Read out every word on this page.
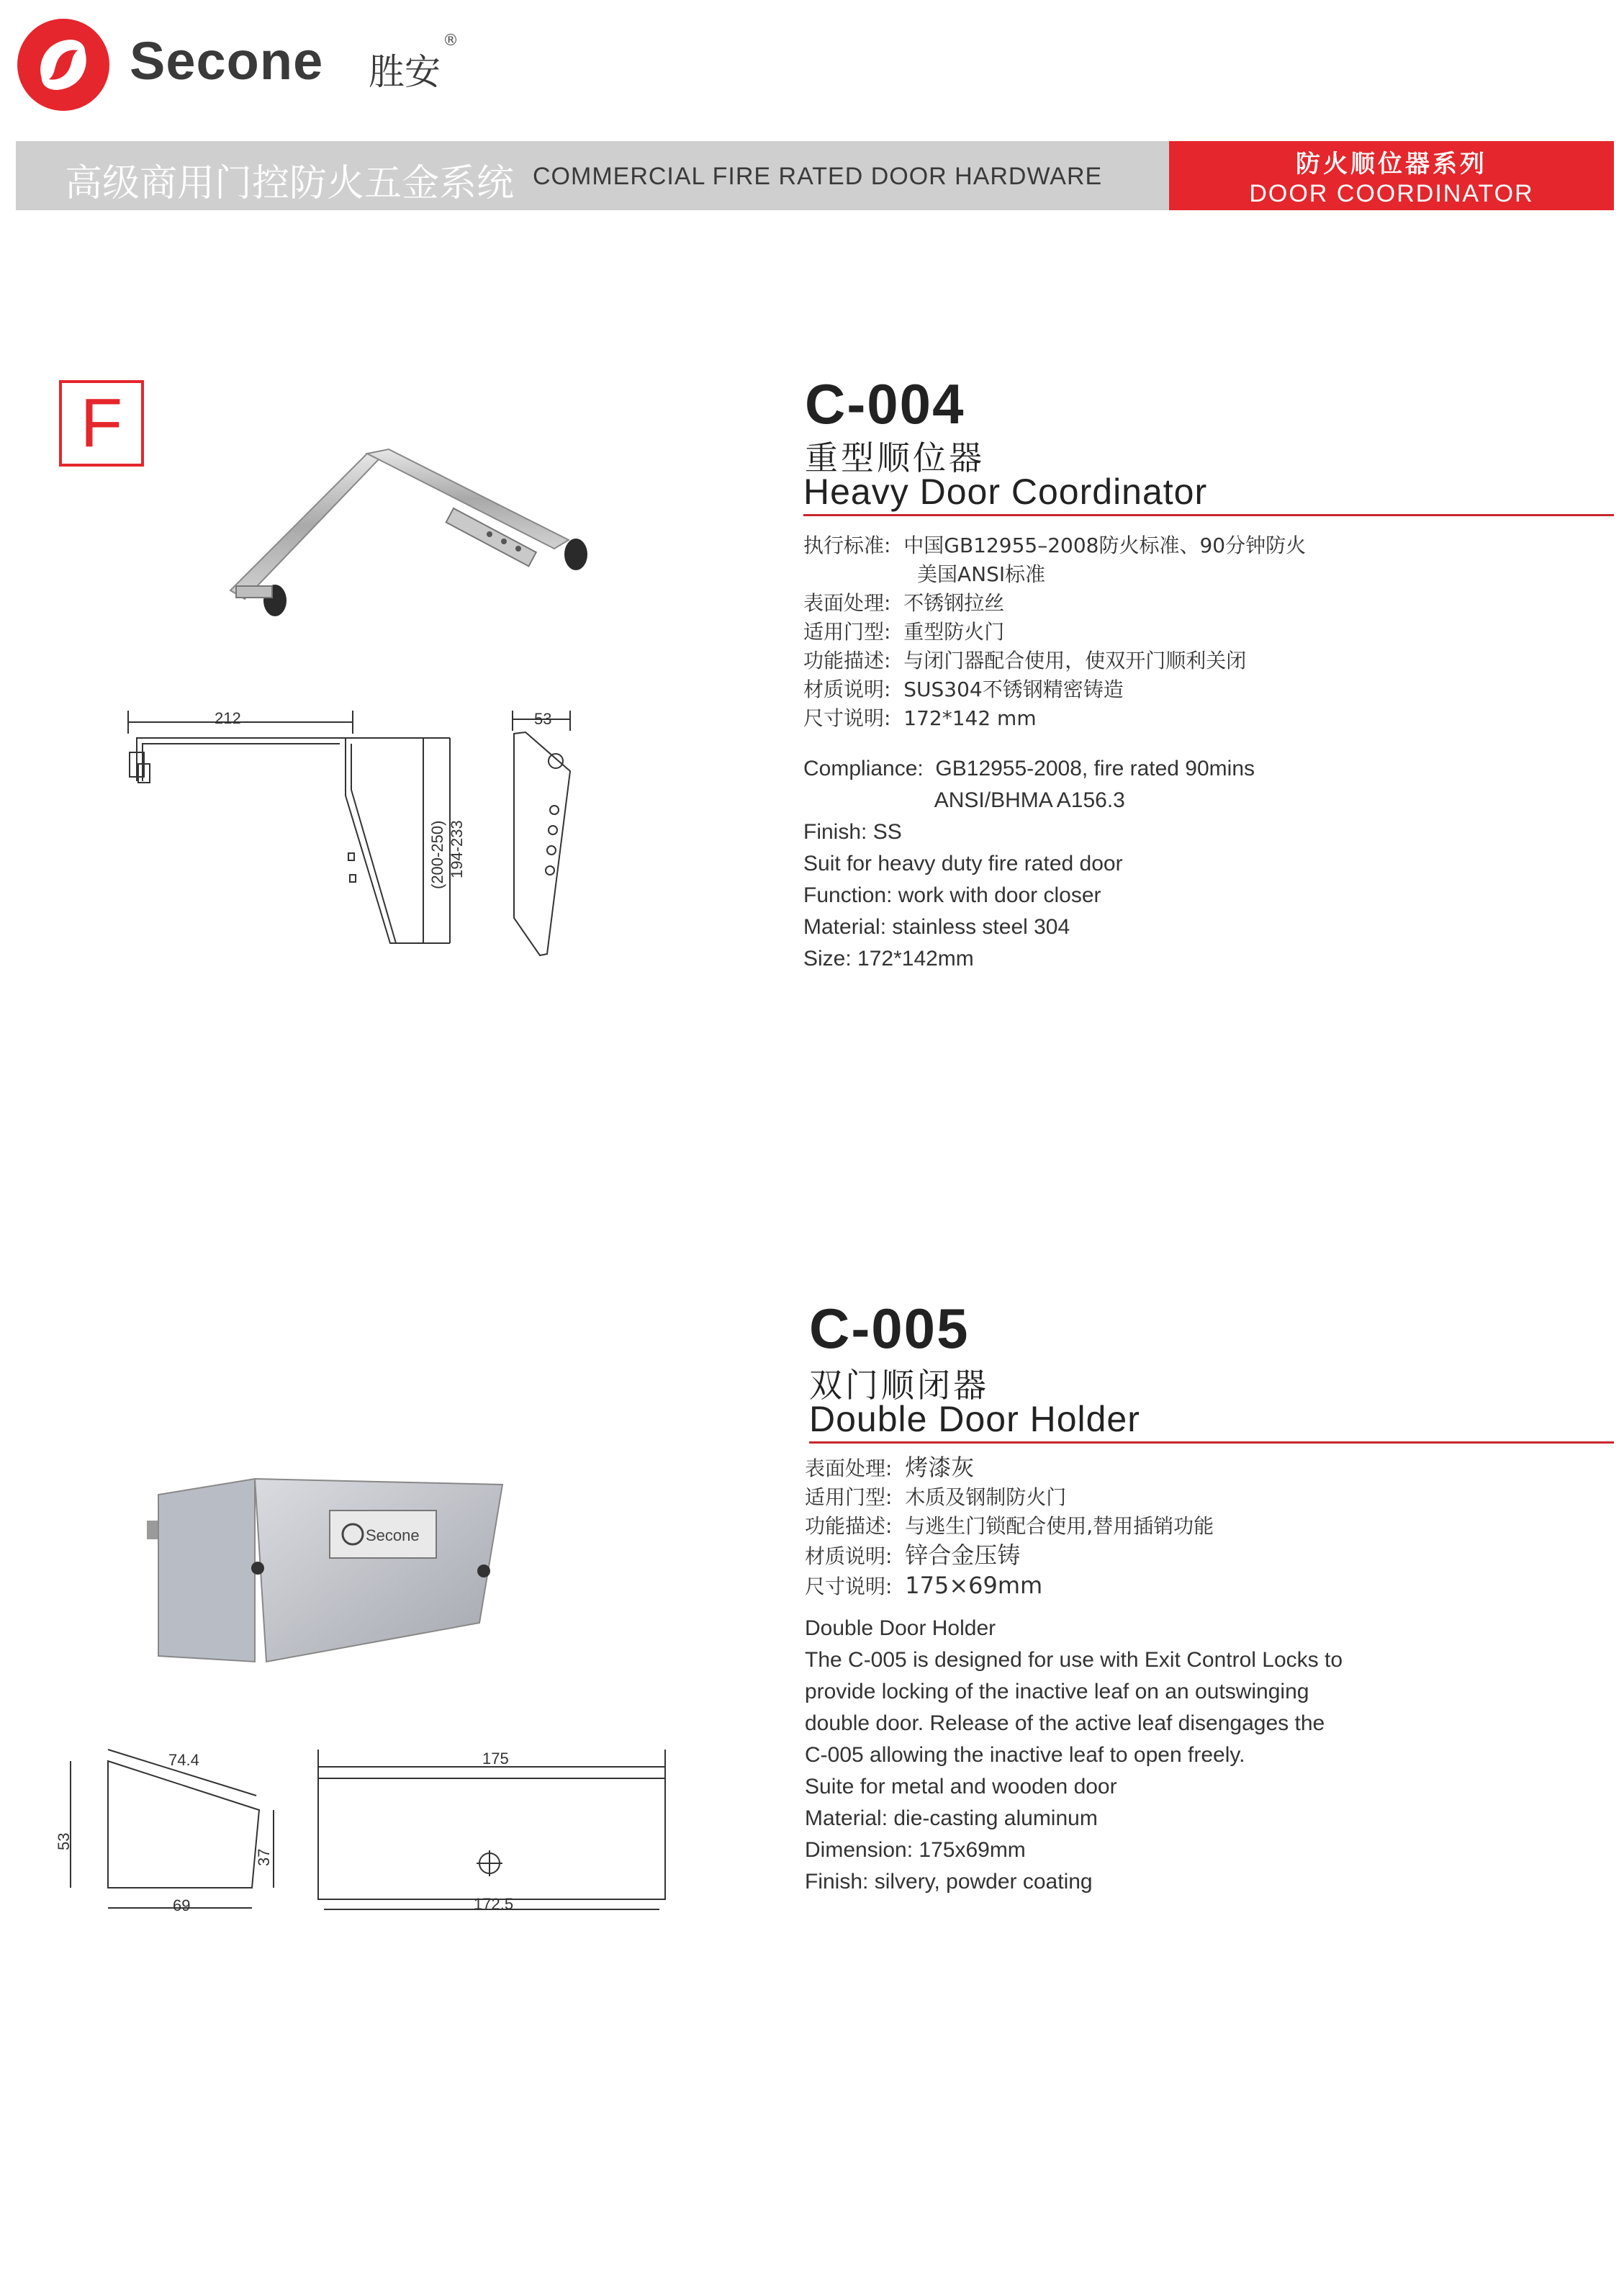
Secone 胜安
®
高级商用门控防火五金系统 COMMERCIAL FIRE RATED DOOR HARDWARE	防火顺位器系列
DOOR COORDINATOR
F
212	53
(200-250) 194-233
C-004
重型顺位器
Heavy Door Coordinator
执行标准: 中国GB12955–2008防火标准、90分钟防火
美国ANSI标准
表面处理: 不锈钢拉丝
适用门型: 重型防火门
功能描述: 与闭门器配合使用，使双开门顺利关闭
材质说明: SUS304不锈钢精密铸造
尺寸说明: 172*142 mm
Compliance:  GB12955-2008, fire rated 90mins
ANSI/BHMA A156.3
Finish: SS
Suit for heavy duty fire rated door
Function: work with door closer
Material: stainless steel 304
Size: 172*142mm
Secone
74.4
53
37
69
175
172.5
C-005
双门顺闭器
Double Door Holder
表面处理: 烤漆灰
适用门型: 木质及钢制防火门
功能描述: 与逃生门锁配合使用,替用插销功能
材质说明: 锌合金压铸
尺寸说明: 175×69mm
Double Door Holder
The C-005 is designed for use with Exit Control Locks to
provide locking of the inactive leaf on an outswinging
double door. Release of the active leaf disengages the
C-005 allowing the inactive leaf to open freely.
Suite for metal and wooden door
Material: die-casting aluminum
Dimension: 175x69mm
Finish: silvery, powder coating
